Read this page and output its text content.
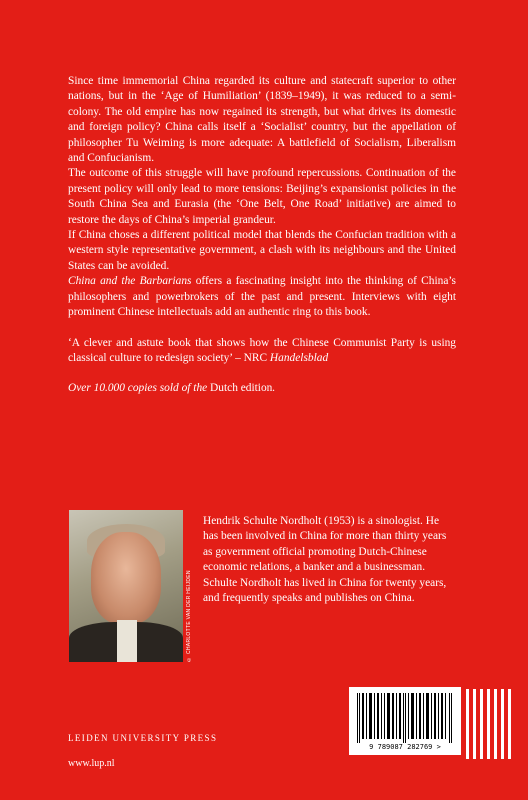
Since time immemorial China regarded its culture and statecraft superior to other nations, but in the ‘Age of Humiliation’ (1839–1949), it was reduced to a semi-colony. The old empire has now regained its strength, but what drives its domestic and foreign policy? China calls itself a ‘Socialist’ country, but the appellation of philosopher Tu Weiming is more adequate: A battlefield of Socialism, Liberalism and Confucianism.

The outcome of this struggle will have profound repercussions. Continuation of the present policy will only lead to more tensions: Beijing’s expansionist policies in the South China Sea and Eurasia (the ‘One Belt, One Road’ initiative) are aimed to restore the days of China’s imperial grandeur.

If China choses a different political model that blends the Confucian tradition with a western style representative government, a clash with its neighbours and the United States can be avoided.

China and the Barbarians offers a fascinating insight into the thinking of China’s philosophers and powerbrokers of the past and present. Interviews with eight prominent Chinese intellectuals add an authentic ring to this book.

‘A clever and astute book that shows how the Chinese Communist Party is using classical culture to redesign society’ – NRC Handelsblad

Over 10.000 copies sold of the Dutch edition.

© CHARLOTTE VAN DER HEIJDEN

Hendrik Schulte Nordholt (1953) is a sinologist. He has been involved in China for more than thirty years as government official promoting Dutch-Chinese economic relations, a banker and a businessman. Schulte Nordholt has lived in China for twenty years, and frequently speaks and publishes on China.

LEIDEN UNIVERSITY PRESS
www.lup.nl
9 789087 282769 >
